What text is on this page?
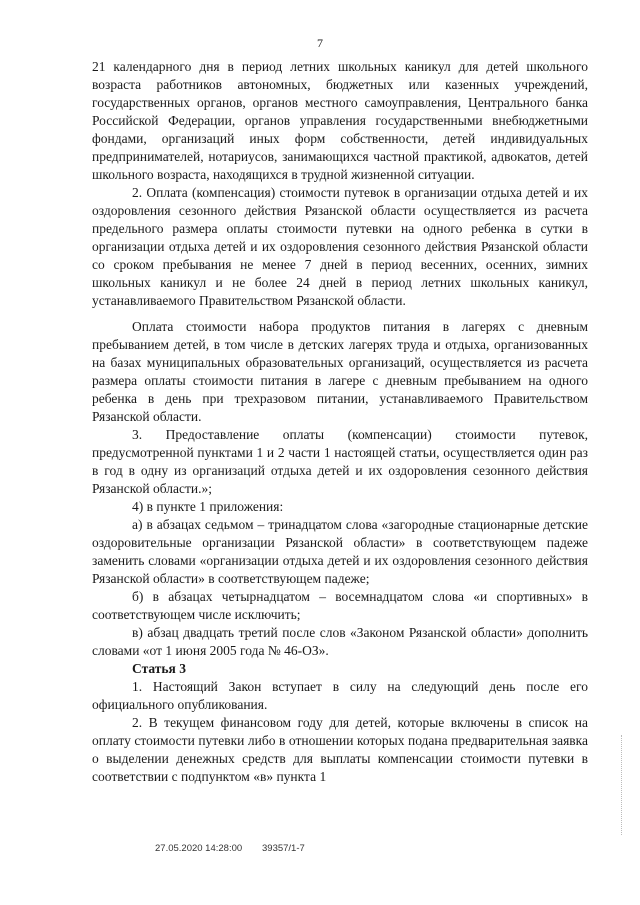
7

21 календарного дня в период летних школьных каникул для детей школьного возраста работников автономных, бюджетных или казенных учреждений, государственных органов, органов местного самоуправления, Центрального банка Российской Федерации, органов управления государственными внебюджетными фондами, организаций иных форм собственности, детей индивидуальных предпринимателей, нотариусов, занимающихся частной практикой, адвокатов, детей школьного возраста, находящихся в трудной жизненной ситуации.

2. Оплата (компенсация) стоимости путевок в организации отдыха детей и их оздоровления сезонного действия Рязанской области осуществляется из расчета предельного размера оплаты стоимости путевки на одного ребенка в сутки в организации отдыха детей и их оздоровления сезонного действия Рязанской области со сроком пребывания не менее 7 дней в период весенних, осенних, зимних школьных каникул и не более 24 дней в период летних школьных каникул, устанавливаемого Правительством Рязанской области.

Оплата стоимости набора продуктов питания в лагерях с дневным пребыванием детей, в том числе в детских лагерях труда и отдыха, организованных на базах муниципальных образовательных организаций, осуществляется из расчета размера оплаты стоимости питания в лагере с дневным пребыванием на одного ребенка в день при трехразовом питании, устанавливаемого Правительством Рязанской области.

3. Предоставление оплаты (компенсации) стоимости путевок, предусмотренной пунктами 1 и 2 части 1 настоящей статьи, осуществляется один раз в год в одну из организаций отдыха детей и их оздоровления сезонного действия Рязанской области.»;

4) в пункте 1 приложения:

а) в абзацах седьмом – тринадцатом слова «загородные стационарные детские оздоровительные организации Рязанской области» в соответствующем падеже заменить словами «организации отдыха детей и их оздоровления сезонного действия Рязанской области» в соответствующем падеже;

б) в абзацах четырнадцатом – восемнадцатом слова «и спортивных» в соответствующем числе исключить;

в) абзац двадцать третий после слов «Законом Рязанской области» дополнить словами «от 1 июня 2005 года № 46-ОЗ».

Статья 3

1. Настоящий Закон вступает в силу на следующий день после его официального опубликования.

2. В текущем финансовом году для детей, которые включены в список на оплату стоимости путевки либо в отношении которых подана предварительная заявка о выделении денежных средств для выплаты компенсации стоимости путевки в соответствии с подпунктом «в» пункта 1

27.05.2020 14:28:00 39357/1-7
